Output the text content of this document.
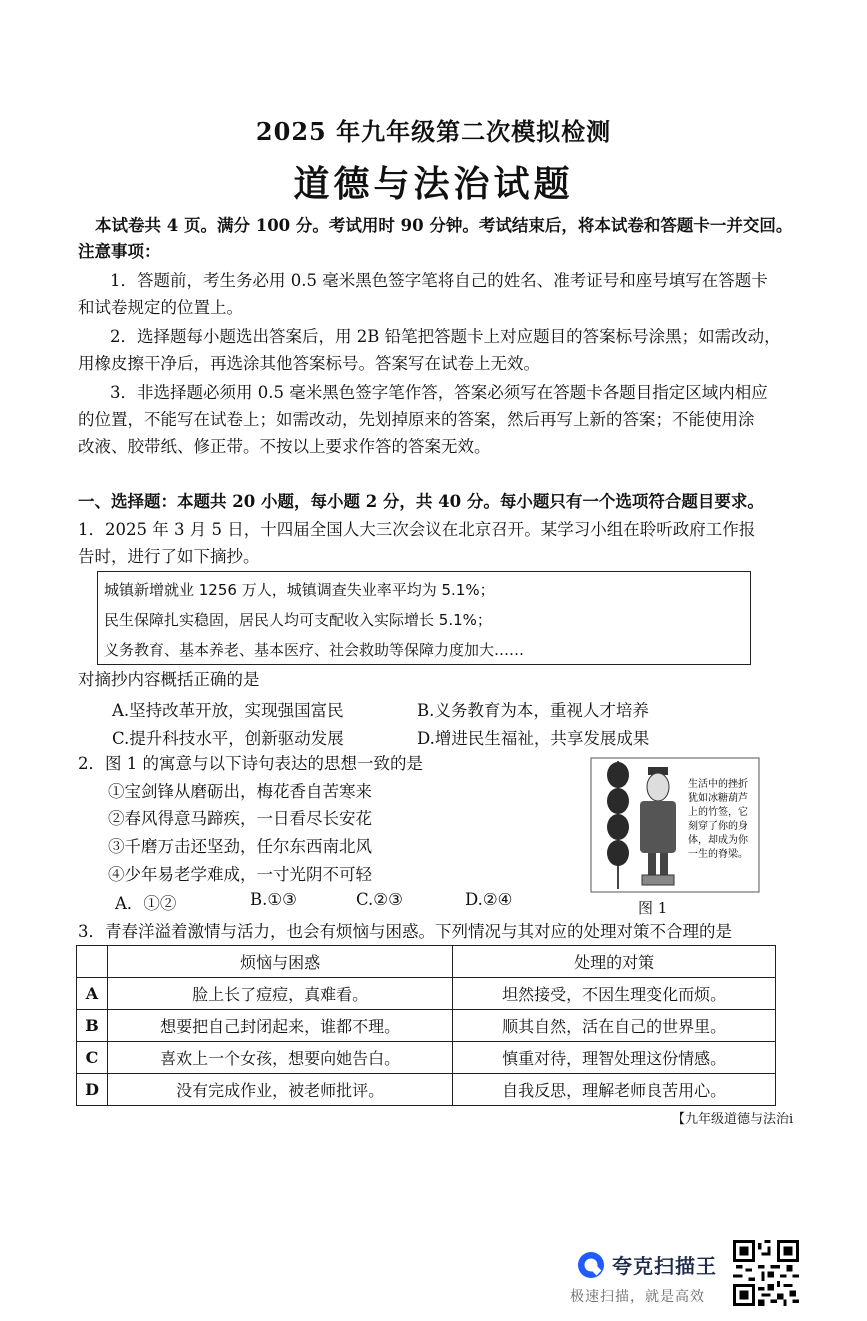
2025 年九年级第二次模拟检测
道德与法治试题
本试卷共 4 页。满分 100 分。考试用时 90 分钟。考试结束后，将本试卷和答题卡一并交回。
注意事项：
1．答题前，考生务必用 0.5 毫米黑色签字笔将自己的姓名、准考证号和座号填写在答题卡
和试卷规定的位置上。
2．选择题每小题选出答案后，用 2B 铅笔把答题卡上对应题目的答案标号涂黑；如需改动，
用橡皮擦干净后，再选涂其他答案标号。答案写在试卷上无效。
3．非选择题必须用 0.5 毫米黑色签字笔作答，答案必须写在答题卡各题目指定区域内相应
的位置，不能写在试卷上；如需改动，先划掉原来的答案，然后再写上新的答案；不能使用涂
改液、胶带纸、修正带。不按以上要求作答的答案无效。
一、选择题：本题共 20 小题，每小题 2 分，共 40 分。每小题只有一个选项符合题目要求。
1．2025 年 3 月 5 日，十四届全国人大三次会议在北京召开。某学习小组在聆听政府工作报
告时，进行了如下摘抄。
城镇新增就业 1256 万人，城镇调查失业率平均为 5.1%；
民生保障扎实稳固，居民人均可支配收入实际增长 5.1%；
义务教育、基本养老、基本医疗、社会救助等保障力度加大……
对摘抄内容概括正确的是
A.坚持改革开放，实现强国富民	B.义务教育为本，重视人才培养
C.提升科技水平，创新驱动发展	D.增进民生福祉，共享发展成果
2．图 1 的寓意与以下诗句表达的思想一致的是
①宝剑锋从磨砺出，梅花香自苦寒来
②春风得意马蹄疾，一日看尽长安花
③千磨万击还坚劲，任尔东西南北风
④少年易老学难成，一寸光阴不可轻
A．①②	B.①③	C.②③	D.②④
生活中的挫折
犹如冰糖葫芦
上的竹签，它
刻穿了你的身
体，却成为你
一生的脊梁。
图 1
3．青春洋溢着激情与活力，也会有烦恼与困惑。下列情况与其对应的处理对策不合理的是
	烦恼与困惑	处理的对策
A	脸上长了痘痘，真难看。	坦然接受，不因生理变化而烦。
B	想要把自己封闭起来，谁都不理。	顺其自然，活在自己的世界里。
C	喜欢上一个女孩，想要向她告白。	慎重对待，理智处理这份情感。
D	没有完成作业，被老师批评。	自我反思，理解老师良苦用心。
【九年级道德与法治i
夸克扫描王
极速扫描，就是高效
